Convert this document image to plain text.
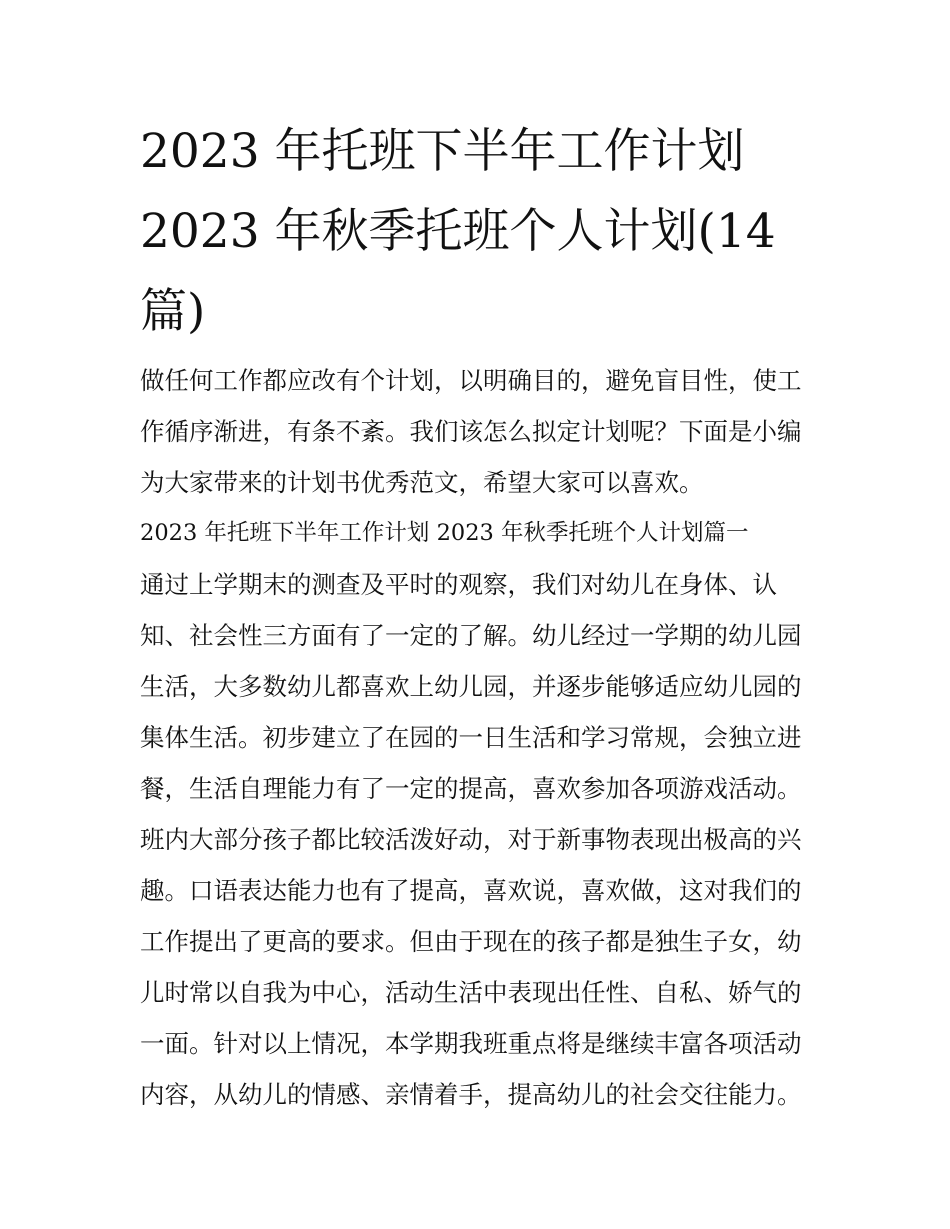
2023 年托班下半年工作计划
2023 年秋季托班个人计划(14
篇)
做任何工作都应改有个计划，以明确目的，避免盲目性，使工
作循序渐进，有条不紊。我们该怎么拟定计划呢？下面是小编
为大家带来的计划书优秀范文，希望大家可以喜欢。
2023 年托班下半年工作计划 2023 年秋季托班个人计划篇一
通过上学期末的测查及平时的观察，我们对幼儿在身体、认
知、社会性三方面有了一定的了解。幼儿经过一学期的幼儿园
生活，大多数幼儿都喜欢上幼儿园，并逐步能够适应幼儿园的
集体生活。初步建立了在园的一日生活和学习常规，会独立进
餐，生活自理能力有了一定的提高，喜欢参加各项游戏活动。
班内大部分孩子都比较活泼好动，对于新事物表现出极高的兴
趣。口语表达能力也有了提高，喜欢说，喜欢做，这对我们的
工作提出了更高的要求。但由于现在的孩子都是独生子女，幼
儿时常以自我为中心，活动生活中表现出任性、自私、娇气的
一面。针对以上情况，本学期我班重点将是继续丰富各项活动
内容，从幼儿的情感、亲情着手，提高幼儿的社会交往能力。
